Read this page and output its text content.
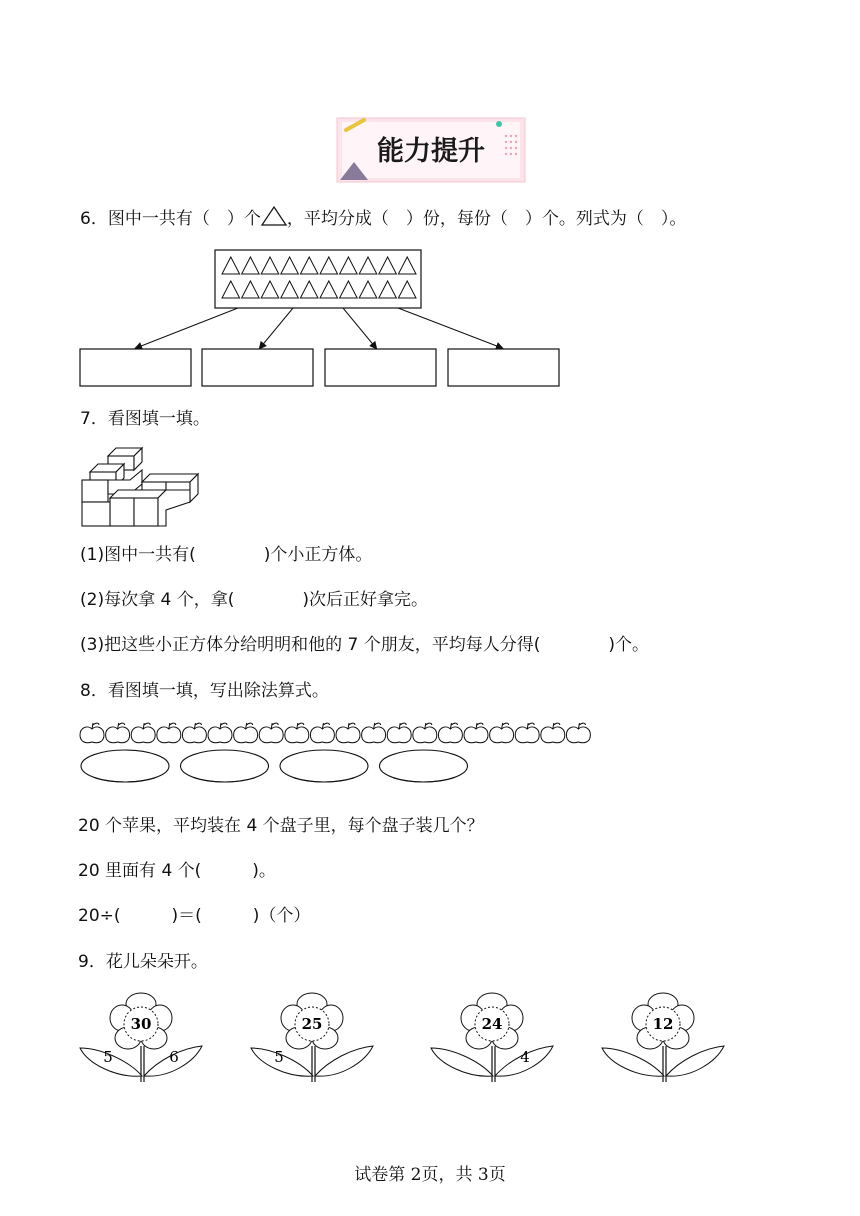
能力提升
6．图中一共有（　）个 ，平均分成（　）份，每份（　）个。列式为（　）。
7．看图填一填。
(1)图中一共有(　　　　)个小正方体。
(2)每次拿 4 个，拿(　　　　)次后正好拿完。
(3)把这些小正方体分给明明和他的 7 个朋友，平均每人分得(　　　　)个。
8．看图填一填，写出除法算式。
20 个苹果，平均装在 4 个盘子里，每个盘子装几个？
20 里面有 4 个(　　　)。
20÷(　　　)＝(　　　)（个）
9．花儿朵朵开。
30
5	6
25
5
24
4
12
试卷第 2页，共 3页
